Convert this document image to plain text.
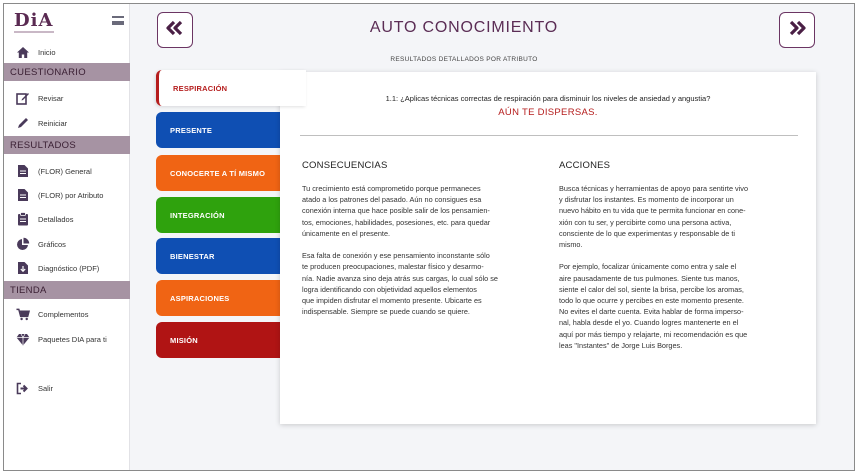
DiA
Inicio
CUESTIONARIO
Revisar
Reiniciar
RESULTADOS
(FLOR) General
(FLOR) por Atributo
Detallados
Gráficos
Diagnóstico (PDF)
TIENDA
Complementos
Paquetes DIA para ti
Salir
AUTO CONOCIMIENTO
RESULTADOS DETALLADOS POR ATRIBUTO
RESPIRACIÓN
PRESENTE
CONOCERTE A TÍ MISMO
INTEGRACIÓN
BIENESTAR
ASPIRACIONES
MISIÓN
1.1: ¿Aplicas técnicas correctas de respiración para disminuir los niveles de ansiedad y angustia?
AÚN TE DISPERSAS.
CONSECUENCIAS
Tu crecimiento está comprometido porque permaneces
atado a los patrones del pasado. Aún no consigues esa
conexión interna que hace posible salir de los pensamien-
tos, emociones, habilidades, posesiones, etc. para quedar
únicamente en el presente.

Esa falta de conexión y ese pensamiento inconstante sólo
te producen preocupaciones, malestar físico y desarmo-
nía. Nadie avanza sino deja atrás sus cargas, lo cual sólo se
logra identificando con objetividad aquellos elementos
que impiden disfrutar el momento presente. Ubicarte es
indispensable. Siempre se puede cuando se quiere.
ACCIONES
Busca técnicas y herramientas de apoyo para sentirte vivo
y disfrutar los instantes. Es momento de incorporar un
nuevo hábito en tu vida que te permita funcionar en cone-
xión con tu ser, y percibirte como una persona activa,
consciente de lo que experimentas y responsable de ti
mismo.

Por ejemplo, focalizar únicamente como entra y sale el
aire pausadamente de tus pulmones. Siente tus manos,
siente el calor del sol, siente la brisa, percibe los aromas,
todo lo que ocurre y percibes en este momento presente.
No evites el darte cuenta. Evita hablar de forma imperso-
nal, habla desde el yo. Cuando logres mantenerte en el
aquí por más tiempo y relajarte, mi recomendación es que
leas "Instantes" de Jorge Luis Borges.
